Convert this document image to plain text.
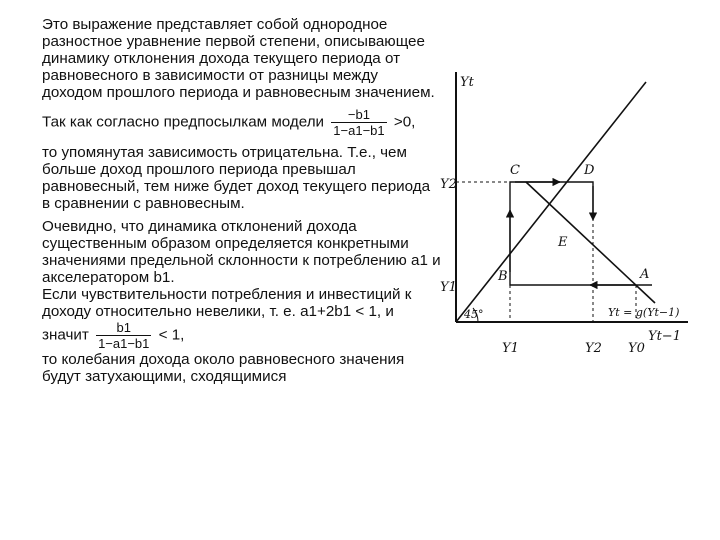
Это выражение представляет собой однородное разностное уравнение первой степени, описывающее динамику отклонения дохода текущего периода от равновесного в зависимости от разницы между доходом прошлого периода и равновесным значением.

Так как согласно предпосылкам модели $\frac{-b1}{1-a1-b1} >0$,

то упомянутая зависимость отрицательна. Т.е., чем больше доход прошлого периода превышал равновесный, тем ниже будет доход текущего периода в сравнении с равновесным.

Очевидно, что динамика отклонений дохода существенным образом определяется конкретными значениями предельной склонности к потреблению a1 и акселератором b1.

Если чувствительности потребления и инвестиций к доходу относительно невелики, т. е. a1+2b1 < 1, и

значит $\frac{b1}{1-a1-b1} < 1$,

то колебания дохода около равновесного значения будут затухающими, сходящимися

Yt
Yt−1
Y2
Y1
Y1	Y2 Y0
A
B
C	D
E
45°	Yt = g(Yt−1)
